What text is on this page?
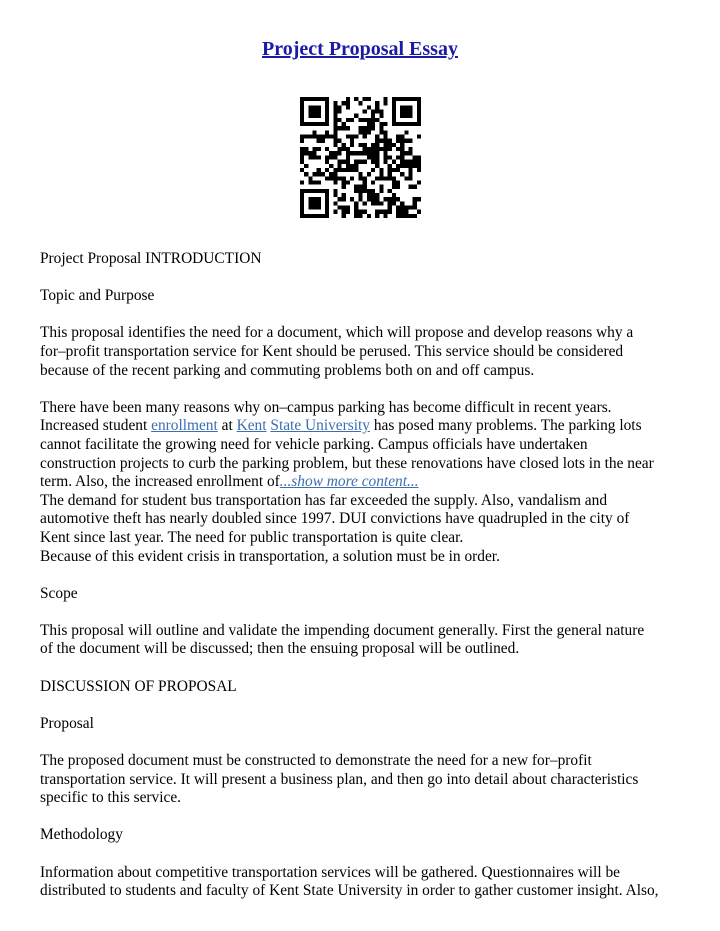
Project Proposal Essay

Project Proposal INTRODUCTION

Topic and Purpose

This proposal identifies the need for a document, which will propose and develop reasons why a
for–profit transportation service for Kent should be perused. This service should be considered
because of the recent parking and commuting problems both on and off campus.

There have been many reasons why on–campus parking has become difficult in recent years.
Increased student enrollment at Kent State University has posed many problems. The parking lots
cannot facilitate the growing need for vehicle parking. Campus officials have undertaken
construction projects to curb the parking problem, but these renovations have closed lots in the near
term. Also, the increased enrollment of...show more content...

The demand for student bus transportation has far exceeded the supply. Also, vandalism and
automotive theft has nearly doubled since 1997. DUI convictions have quadrupled in the city of
Kent since last year. The need for public transportation is quite clear.

Because of this evident crisis in transportation, a solution must be in order.

Scope

This proposal will outline and validate the impending document generally. First the general nature
of the document will be discussed; then the ensuing proposal will be outlined.

DISCUSSION OF PROPOSAL

Proposal

The proposed document must be constructed to demonstrate the need for a new for–profit
transportation service. It will present a business plan, and then go into detail about characteristics
specific to this service.

Methodology

Information about competitive transportation services will be gathered. Questionnaires will be
distributed to students and faculty of Kent State University in order to gather customer insight. Also,
